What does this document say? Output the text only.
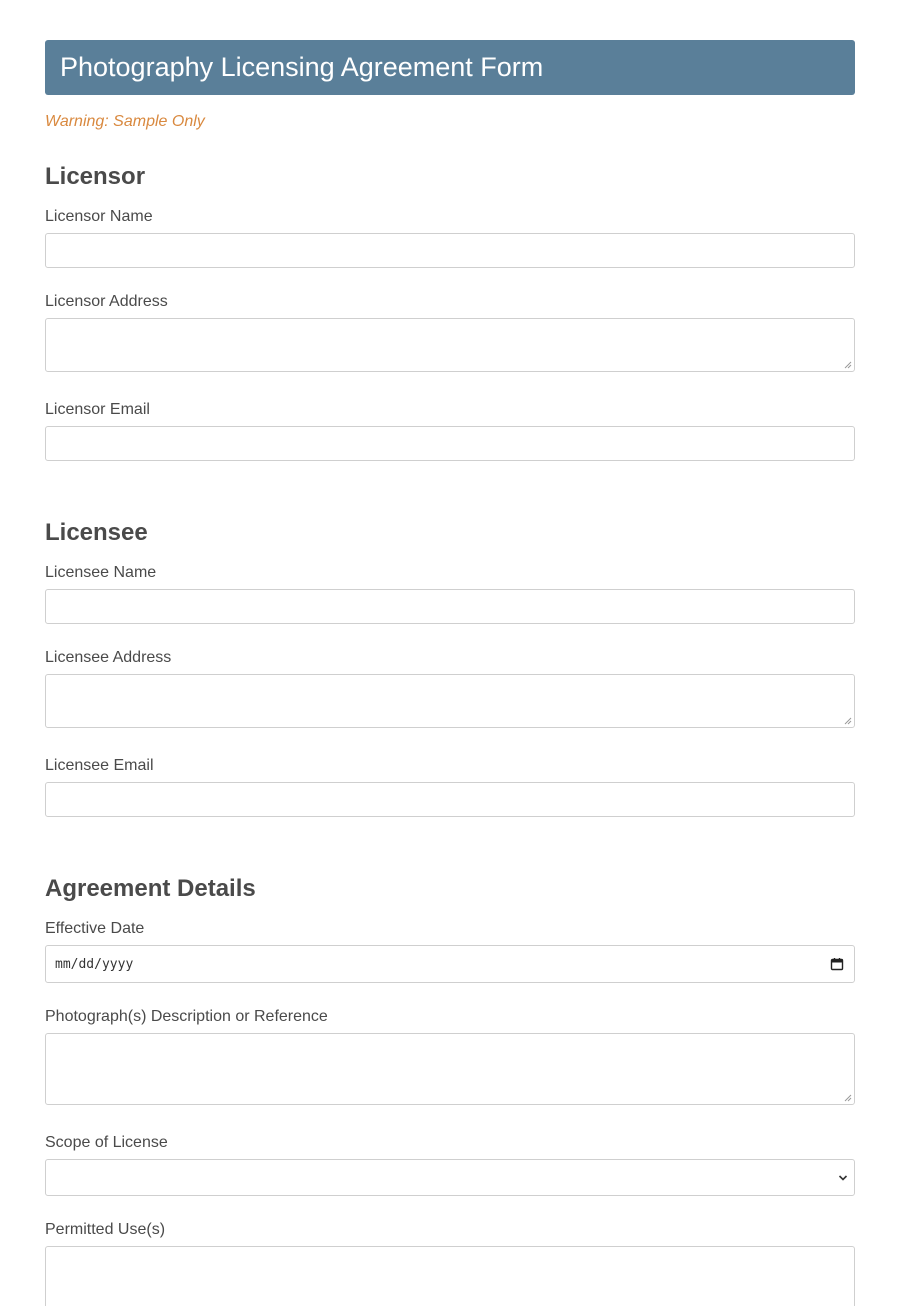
Photography Licensing Agreement Form
Warning: Sample Only
Licensor
Licensor Name
Licensor Address
Licensor Email
Licensee
Licensee Name
Licensee Address
Licensee Email
Agreement Details
Effective Date
mm/dd/yyyy
Photograph(s) Description or Reference
Scope of License
Permitted Use(s)
